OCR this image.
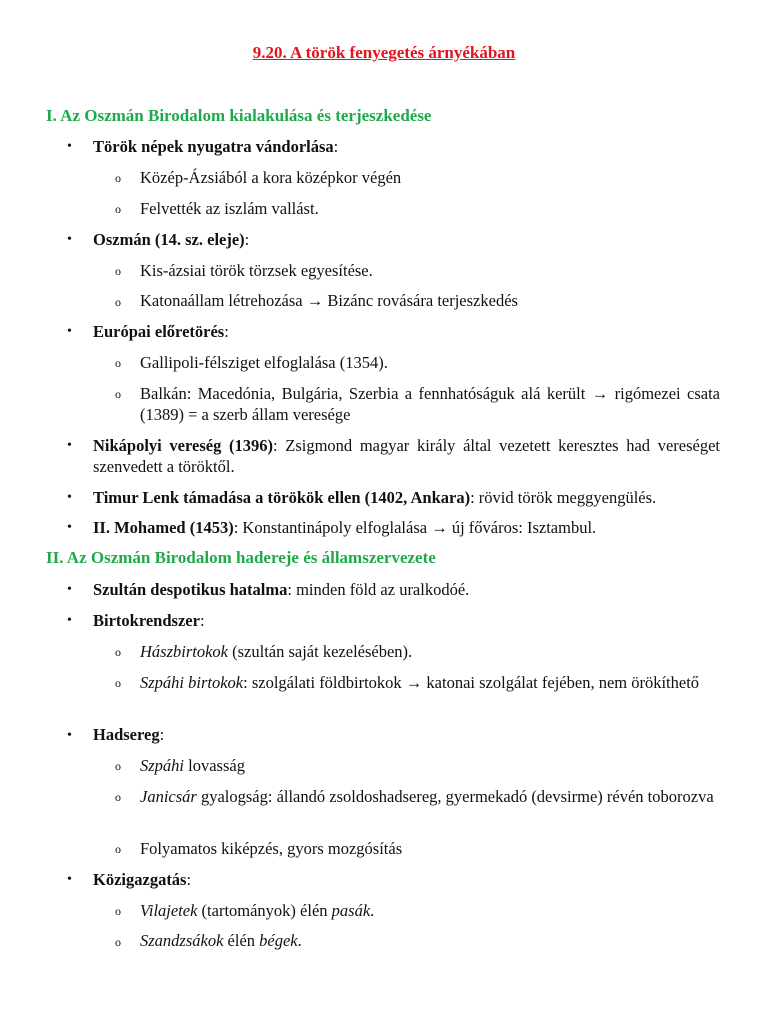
9.20. A török fenyegetés árnyékában
I. Az Oszmán Birodalom kialakulása és terjeszkedése
• Török népek nyugatra vándorlása:
o Közép-Ázsiából a kora középkor végén
o Felvették az iszlám vallást.
• Oszmán (14. sz. eleje):
o Kis-ázsiai török törzsek egyesítése.
o Katonaállam létrehozása → Bizánc rovására terjeszkedés
• Európai előretörés:
o Gallipoli-félsziget elfoglalása (1354).
o Balkán: Macedónia, Bulgária, Szerbia a fennhatóságuk alá került → rigómezei csata (1389) = a szerb állam veresége
• Nikápolyi vereség (1396): Zsigmond magyar király által vezetett keresztes had vereséget szenvedett a töröktől.
• Timur Lenk támadása a törökök ellen (1402, Ankara): rövid török meggyengülés.
• II. Mohamed (1453): Konstantinápoly elfoglalása → új főváros: Isztambul.
II. Az Oszmán Birodalom hadereje és államszervezete
• Szultán despotikus hatalma: minden föld az uralkodóé.
• Birtokrendszer:
o Hászbirtokok (szultán saját kezelésében).
o Szpáhi birtokok: szolgálati földbirtokok → katonai szolgálat fejében, nem örökíthető
• Hadsereg:
o Szpáhi lovasság
o Janicsár gyalogság: állandó zsoldoshadsereg, gyermekadó (devsirme) révén toborozva
o Folyamatos kiképzés, gyors mozgósítás
• Közigazgatás:
o Vilajetek (tartományok) élén pasák.
o Szandzsákok élén bégek.
